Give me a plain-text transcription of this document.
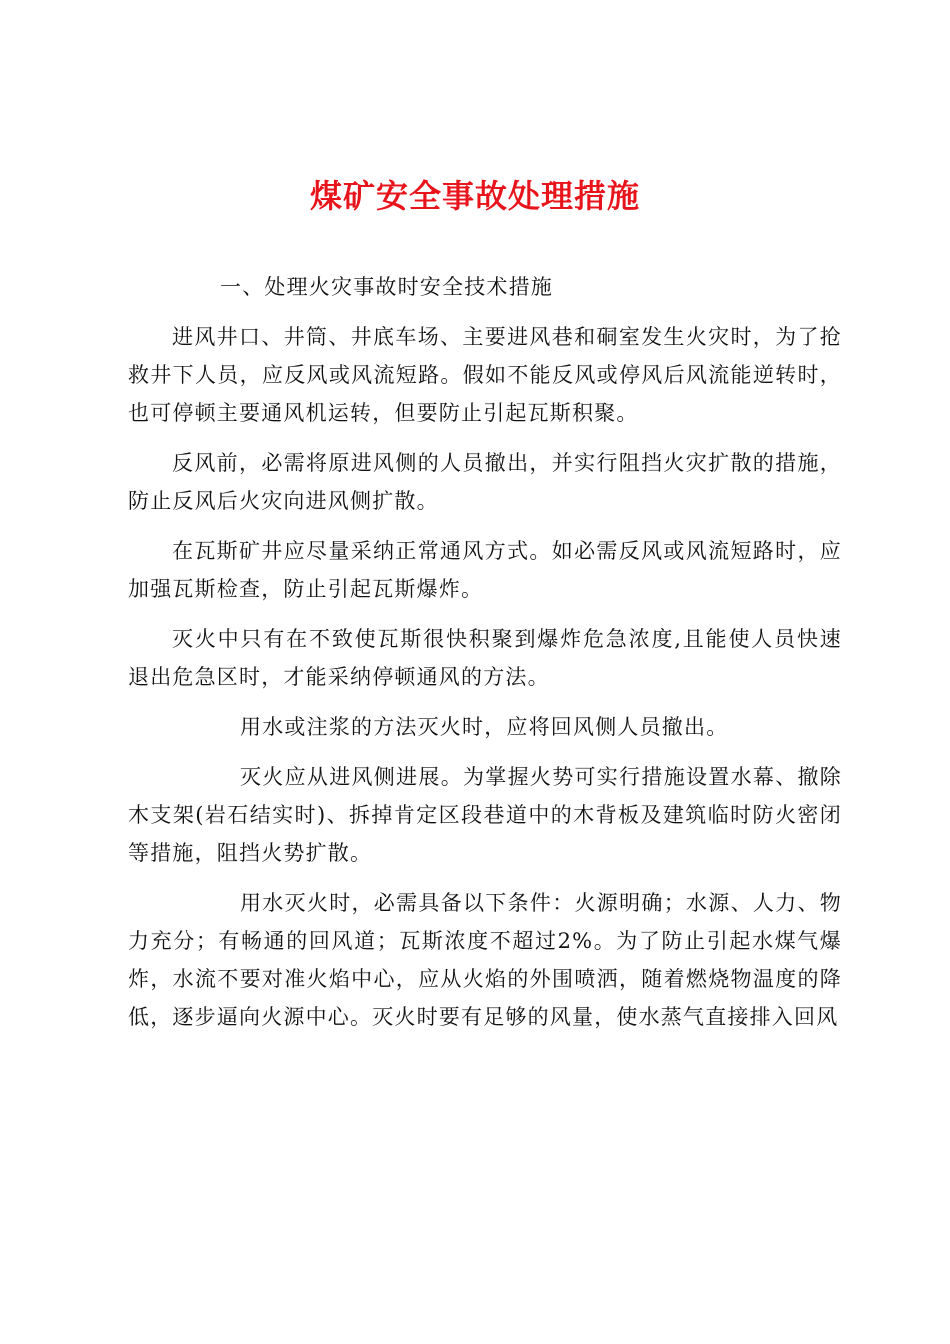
煤矿安全事故处理措施

一、处理火灾事故时安全技术措施

进风井口、井筒、井底车场、主要进风巷和硐室发生火灾时，为了抢救井下人员，应反风或风流短路。假如不能反风或停风后风流能逆转时，也可停顿主要通风机运转，但要防止引起瓦斯积聚。

反风前，必需将原进风侧的人员撤出，并实行阻挡火灾扩散的措施，防止反风后火灾向进风侧扩散。

在瓦斯矿井应尽量采纳正常通风方式。如必需反风或风流短路时，应加强瓦斯检查，防止引起瓦斯爆炸。

灭火中只有在不致使瓦斯很快积聚到爆炸危急浓度,且能使人员快速退出危急区时，才能采纳停顿通风的方法。

用水或注浆的方法灭火时，应将回风侧人员撤出。

灭火应从进风侧进展。为掌握火势可实行措施设置水幕、撤除木支架(岩石结实时)、拆掉肯定区段巷道中的木背板及建筑临时防火密闭等措施，阻挡火势扩散。

用水灭火时，必需具备以下条件：火源明确；水源、人力、物力充分；有畅通的回风道；瓦斯浓度不超过2%。为了防止引起水煤气爆炸，水流不要对准火焰中心，应从火焰的外围喷洒，随着燃烧物温度的降低，逐步逼向火源中心。灭火时要有足够的风量，使水蒸气直接排入回风
